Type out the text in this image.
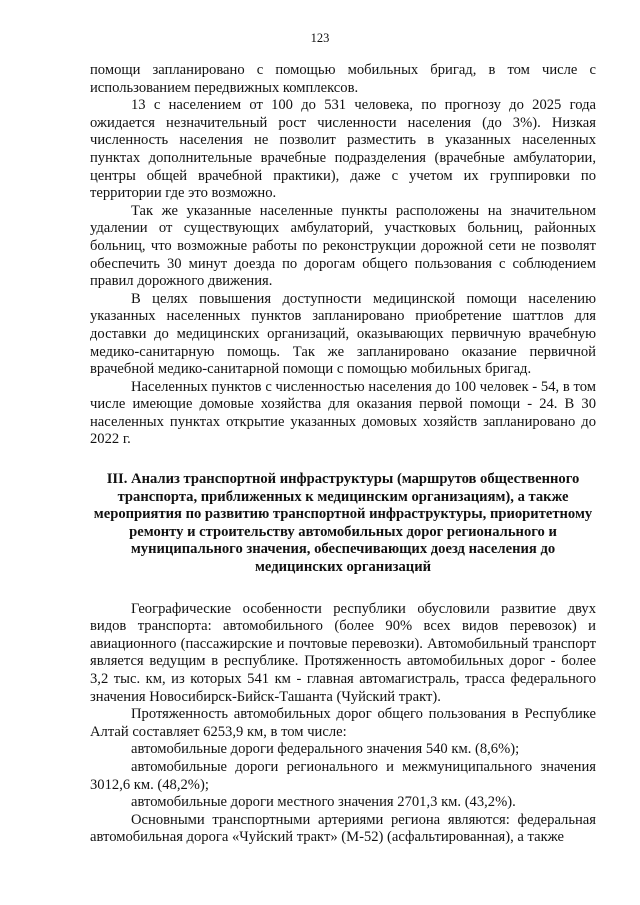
123

помощи запланировано с помощью мобильных бригад, в том числе с использованием передвижных комплексов.

13 с населением от 100 до 531 человека, по прогнозу до 2025 года ожидается незначительный рост численности населения (до 3%). Низкая численность населения не позволит разместить в указанных населенных пунктах дополнительные врачебные подразделения (врачебные амбулатории, центры общей врачебной практики), даже с учетом их группировки по территории где это возможно.

Так же указанные населенные пункты расположены на значительном удалении от существующих амбулаторий, участковых больниц, районных больниц, что возможные работы по реконструкции дорожной сети не позволят обеспечить 30 минут доезда по дорогам общего пользования с соблюдением правил дорожного движения.

В целях повышения доступности медицинской помощи населению указанных населенных пунктов запланировано приобретение шаттлов для доставки до медицинских организаций, оказывающих первичную врачебную медико-санитарную помощь. Так же запланировано оказание первичной врачебной медико-санитарной помощи с помощью мобильных бригад.

Населенных пунктов с численностью населения до 100 человек - 54, в том числе имеющие домовые хозяйства для оказания первой помощи - 24. В 30 населенных пунктах открытие указанных домовых хозяйств запланировано до 2022 г.

III. Анализ транспортной инфраструктуры (маршрутов общественного транспорта, приближенных к медицинским организациям), а также мероприятия по развитию транспортной инфраструктуры, приоритетному ремонту и строительству автомобильных дорог регионального и муниципального значения, обеспечивающих доезд населения до медицинских организаций

Географические особенности республики обусловили развитие двух видов транспорта: автомобильного (более 90% всех видов перевозок) и авиационного (пассажирские и почтовые перевозки). Автомобильный транспорт является ведущим в республике. Протяженность автомобильных дорог - более 3,2 тыс. км, из которых 541 км - главная автомагистраль, трасса федерального значения Новосибирск-Бийск-Ташанта (Чуйский тракт).

Протяженность автомобильных дорог общего пользования в Республике Алтай составляет 6253,9 км, в том числе:

автомобильные дороги федерального значения 540 км. (8,6%);

автомобильные дороги регионального и межмуниципального значения 3012,6 км. (48,2%);

автомобильные дороги местного значения 2701,3 км. (43,2%).

Основными транспортными артериями региона являются: федеральная автомобильная дорога «Чуйский тракт» (М-52) (асфальтированная), а также
